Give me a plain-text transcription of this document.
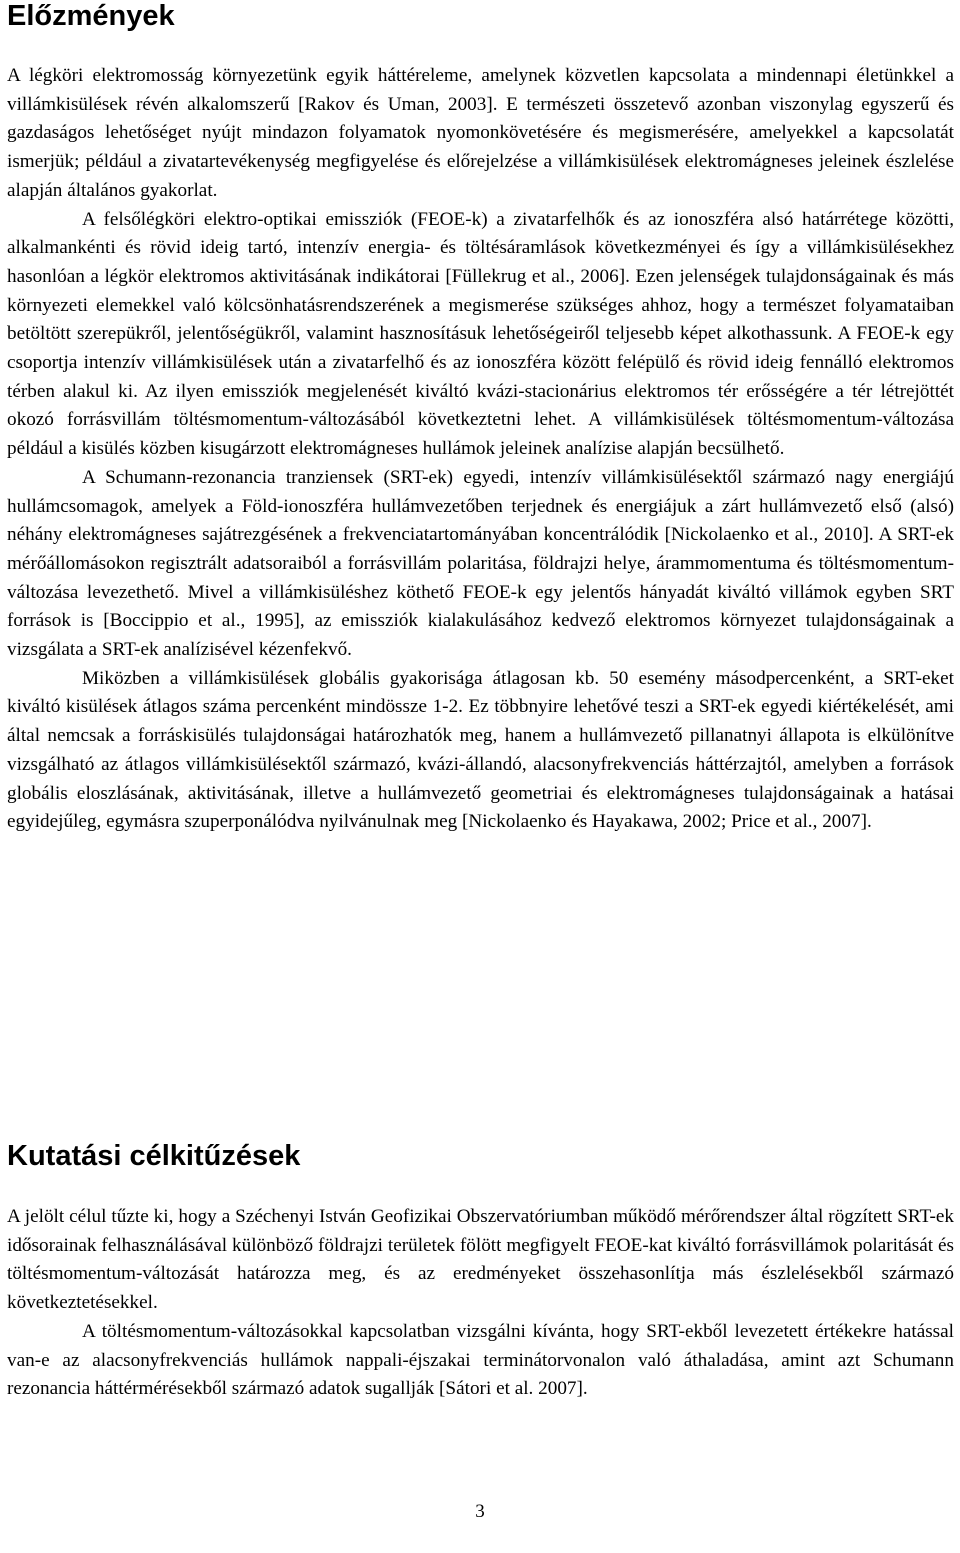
Előzmények

A légköri elektromosság környezetünk egyik háttéreleme, amelynek közvetlen kapcsolata a mindennapi életünkkel a villámkisülések révén alkalomszerű [Rakov és Uman, 2003]. E természeti összetevő azonban viszonylag egyszerű és gazdaságos lehetőséget nyújt mindazon folyamatok nyomonkövetésére és megismerésére, amelyekkel a kapcsolatát ismerjük; például a zivatartevékenység megfigyelése és előrejelzése a villámkisülések elektromágneses jeleinek észlelése alapján általános gyakorlat.

A felsőlégköri elektro-optikai emissziók (FEOE-k) a zivatarfelhők és az ionoszféra alsó határrétege közötti, alkalmankénti és rövid ideig tartó, intenzív energia- és töltésáramlások következményei és így a villámkisülésekhez hasonlóan a légkör elektromos aktivitásának indikátorai [Füllekrug et al., 2006]. Ezen jelenségek tulajdonságainak és más környezeti elemekkel való kölcsönhatásrendszerének a megismerése szükséges ahhoz, hogy a természet folyamataiban betöltött szerepükről, jelentőségükről, valamint hasznosításuk lehetőségeiről teljesebb képet alkothassunk. A FEOE-k egy csoportja intenzív villámkisülések után a zivatarfelhő és az ionoszféra között felépülő és rövid ideig fennálló elektromos térben alakul ki. Az ilyen emissziók megjelenését kiváltó kvázi-stacionárius elektromos tér erősségére a tér létrejöttét okozó forrásvillám töltésmomentum-változásából következtetni lehet. A villámkisülések töltésmomentum-változása például a kisülés közben kisugárzott elektromágneses hullámok jeleinek analízise alapján becsülhető.

A Schumann-rezonancia tranziensek (SRT-ek) egyedi, intenzív villámkisülésektől származó nagy energiájú hullámcsomagok, amelyek a Föld-ionoszféra hullámvezetőben terjednek és energiájuk a zárt hullámvezető első (alsó) néhány elektromágneses sajátrezgésének a frekvenciatartományában koncentrálódik [Nickolaenko et al., 2010]. A SRT-ek mérőállomásokon regisztrált adatsoraiból a forrásvillám polaritása, földrajzi helye, árammomentuma és töltésmomentum-változása levezethető. Mivel a villámkisüléshez köthető FEOE-k egy jelentős hányadát kiváltó villámok egyben SRT források is [Boccippio et al., 1995], az emissziók kialakulásához kedvező elektromos környezet tulajdonságainak a vizsgálata a SRT-ek analízisével kézenfekvő.

Miközben a villámkisülések globális gyakorisága átlagosan kb. 50 esemény másodpercenként, a SRT-eket kiváltó kisülések átlagos száma percenként mindössze 1-2. Ez többnyire lehetővé teszi a SRT-ek egyedi kiértékelését, ami által nemcsak a forráskisülés tulajdonságai határozhatók meg, hanem a hullámvezető pillanatnyi állapota is elkülönítve vizsgálható az átlagos villámkisülésektől származó, kvázi-állandó, alacsonyfrekvenciás háttérzajtól, amelyben a források globális eloszlásának, aktivitásának, illetve a hullámvezető geometriai és elektromágneses tulajdonságainak a hatásai egyidejűleg, egymásra szuperponálódva nyilvánulnak meg [Nickolaenko és Hayakawa, 2002; Price et al., 2007].

Kutatási célkitűzések

A jelölt célul tűzte ki, hogy a Széchenyi István Geofizikai Obszervatóriumban működő mérőrendszer által rögzített SRT-ek idősorainak felhasználásával különböző földrajzi területek fölött megfigyelt FEOE-kat kiváltó forrásvillámok polaritását és töltésmomentum-változását határozza meg, és az eredményeket összehasonlítja más észlelésekből származó következtetésekkel.

A töltésmomentum-változásokkal kapcsolatban vizsgálni kívánta, hogy SRT-ekből levezetett értékekre hatással van-e az alacsonyfrekvenciás hullámok nappali-éjszakai terminátorvonalon való áthaladása, amint azt Schumann rezonancia háttérmérésekből származó adatok sugallják [Sátori et al. 2007].

3
